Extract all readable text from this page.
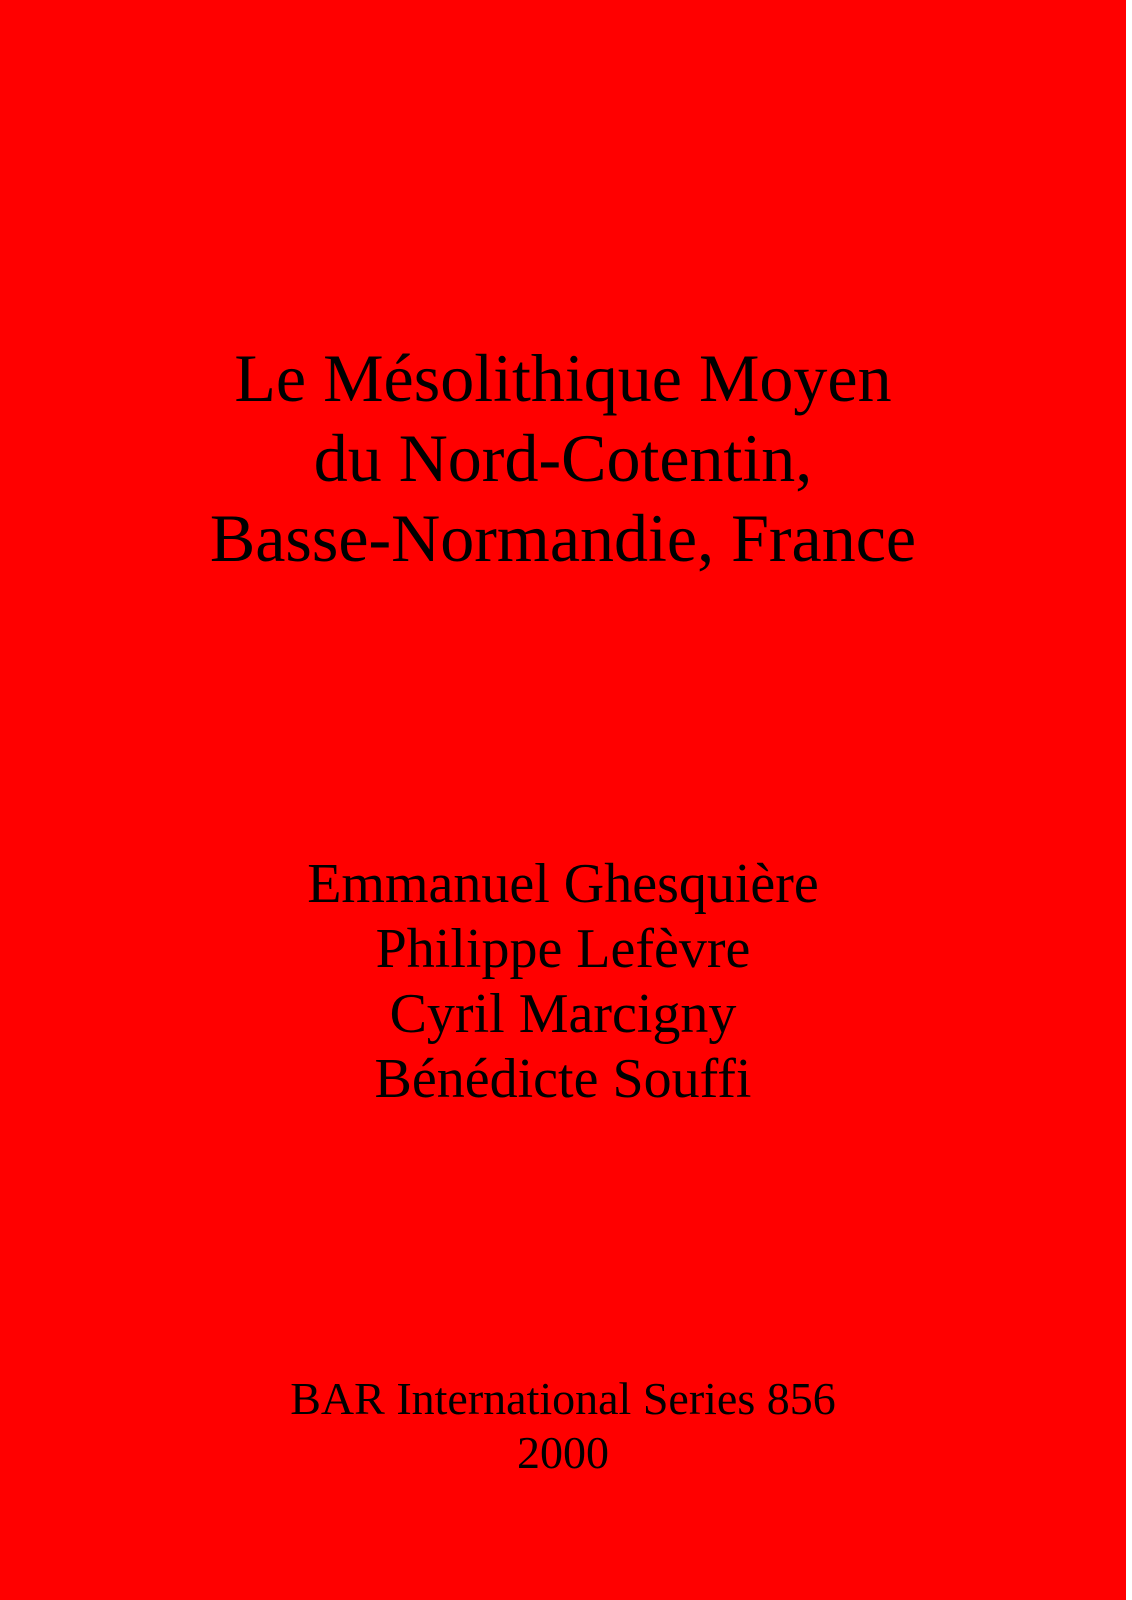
Le Mésolithique Moyen
du Nord-Cotentin,
Basse-Normandie, France
Emmanuel Ghesquière
Philippe Lefèvre
Cyril Marcigny
Bénédicte Souffi
BAR International Series 856
2000
